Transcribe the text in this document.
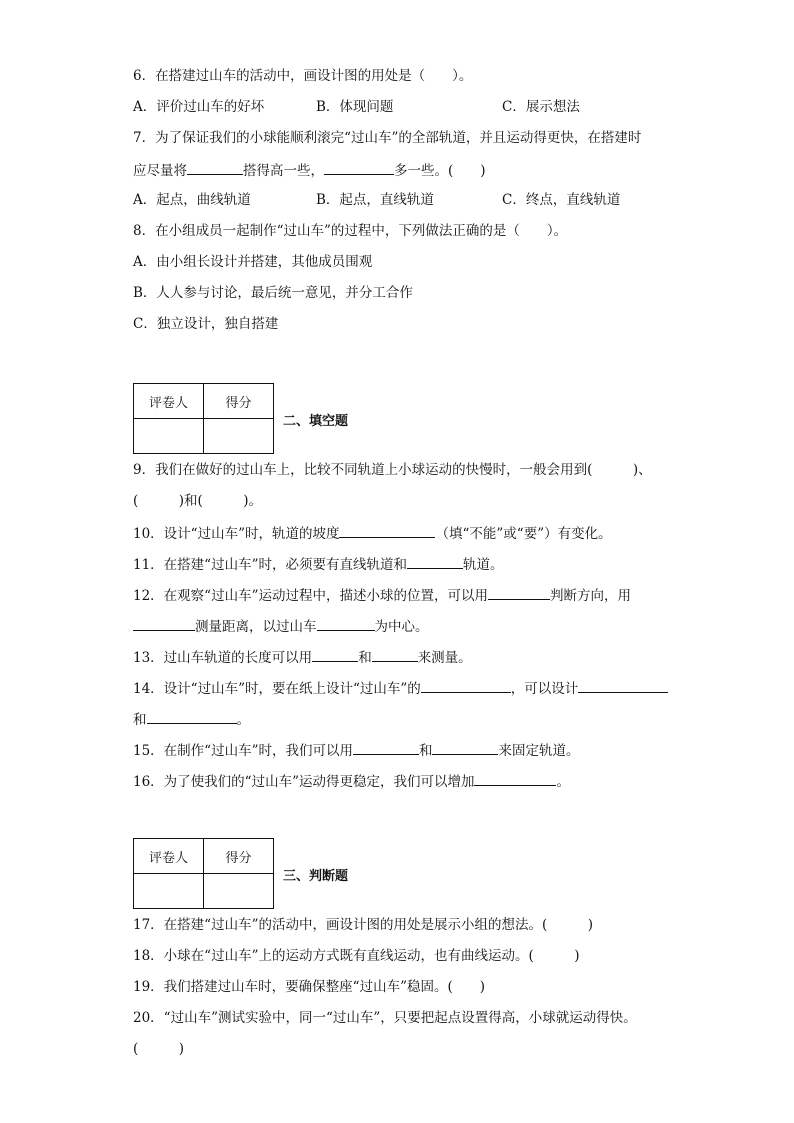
6．在搭建过山车的活动中，画设计图的用处是（　　）。
A．评价过山车的好坏	B．体现问题	C．展示想法
7．为了保证我们的小球能顺利滚完“过山车”的全部轨道，并且运动得更快，在搭建时
应尽量将	搭得高一些，	多一些。(　　)
A．起点，曲线轨道	B．起点，直线轨道	C．终点，直线轨道
8．在小组成员一起制作“过山车”的过程中，下列做法正确的是（　　）。
A．由小组长设计并搭建，其他成员围观
B．人人参与讨论，最后统一意见，并分工合作
C．独立设计，独自搭建
评卷人	得分

二、填空题
9．我们在做好的过山车上，比较不同轨道上小球运动的快慢时，一般会用到(　　　)、
(　　　)和(　　　)。
10．设计“过山车”时，轨道的坡度	（填“不能”或“要”）有变化。
11．在搭建“过山车”时，必须要有直线轨道和	轨道。
12．在观察“过山车”运动过程中，描述小球的位置，可以用	判断方向，用
测量距离，以过山车	为中心。
13．过山车轨道的长度可以用	和	来测量。
14．设计“过山车”时，要在纸上设计“过山车”的	，可以设计
和	。
15．在制作“过山车”时，我们可以用	和	来固定轨道。
16．为了使我们的“过山车”运动得更稳定，我们可以增加	。
评卷人	得分

三、判断题
17．在搭建“过山车”的活动中，画设计图的用处是展示小组的想法。(　　　)
18．小球在“过山车”上的运动方式既有直线运动，也有曲线运动。(　　　)
19．我们搭建过山车时，要确保整座“过山车”稳固。(　　)
20．“过山车”测试实验中，同一“过山车”，只要把起点设置得高，小球就运动得快。
(　　　)
